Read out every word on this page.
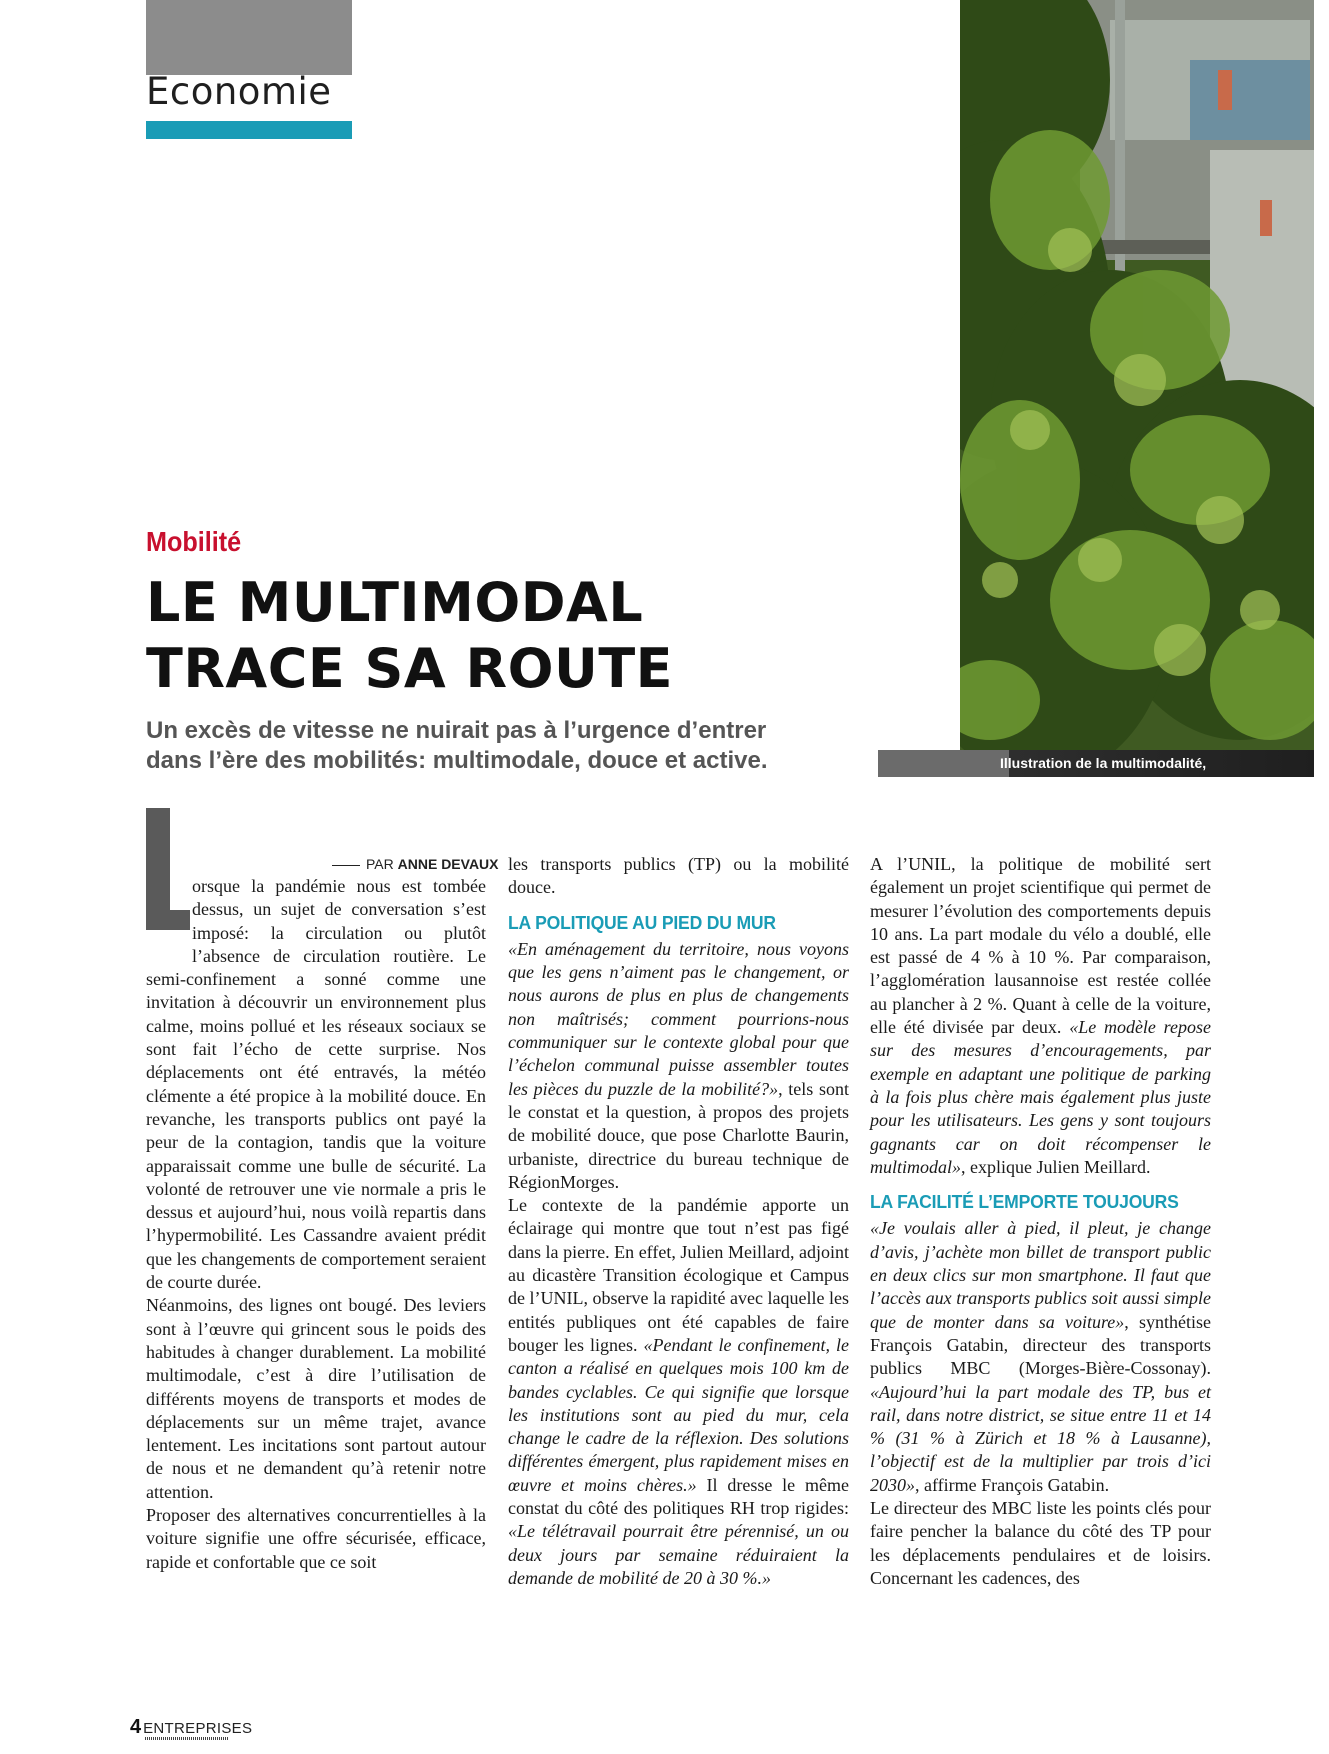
Economie
Illustration de la multimodalité,
Mobilité
LE MULTIMODAL
TRACE SA ROUTE
Un excès de vitesse ne nuirait pas à l’urgence d’entrer
dans l’ère des mobilités: multimodale, douce et active.
PAR ANNE DEVAUX

orsque la pandémie nous est tombée dessus, un sujet de conversation s’est imposé: la circulation ou plutôt l’absence de circulation routière. Le semi-confinement a sonné comme une invitation à découvrir un environnement plus calme, moins pollué et les réseaux sociaux se sont fait l’écho de cette surprise. Nos déplacements ont été entravés, la météo clémente a été propice à la mobilité douce. En revanche, les transports publics ont payé la peur de la contagion, tandis que la voiture apparaissait comme une bulle de sécurité. La volonté de retrouver une vie normale a pris le dessus et aujourd’hui, nous voilà repartis dans l’hypermobilité. Les Cassandre avaient prédit que les changements de comportement seraient de courte durée.

Néanmoins, des lignes ont bougé. Des leviers sont à l’œuvre qui grincent sous le poids des habitudes à changer durablement. La mobilité multimodale, c’est à dire l’utilisation de différents moyens de transports et modes de déplacements sur un même trajet, avance lentement. Les incitations sont partout autour de nous et ne demandent qu’à retenir notre attention.

Proposer des alternatives concurrentielles à la voiture signifie une offre sécurisée, efficace, rapide et confortable que ce soit

les transports publics (TP) ou la mobilité douce.

LA POLITIQUE AU PIED DU MUR

«En aménagement du territoire, nous voyons que les gens n’aiment pas le changement, or nous aurons de plus en plus de changements non maîtrisés; comment pourrions-nous communiquer sur le contexte global pour que l’échelon communal puisse assembler toutes les pièces du puzzle de la mobilité?», tels sont le constat et la question, à propos des projets de mobilité douce, que pose Charlotte Baurin, urbaniste, directrice du bureau technique de RégionMorges.

Le contexte de la pandémie apporte un éclairage qui montre que tout n’est pas figé dans la pierre. En effet, Julien Meillard, adjoint au dicastère Transition écologique et Campus de l’UNIL, observe la rapidité avec laquelle les entités publiques ont été capables de faire bouger les lignes. «Pendant le confinement, le canton a réalisé en quelques mois 100 km de bandes cyclables. Ce qui signifie que lorsque les institutions sont au pied du mur, cela change le cadre de la réflexion. Des solutions différentes émergent, plus rapidement mises en œuvre et moins chères.» Il dresse le même constat du côté des politiques RH trop rigides: «Le télétravail pourrait être pérennisé, un ou deux jours par semaine réduiraient la demande de mobilité de 20 à 30 %.»

A l’UNIL, la politique de mobilité sert également un projet scientifique qui permet de mesurer l’évolution des comportements depuis 10 ans. La part modale du vélo a doublé, elle est passé de 4 % à 10 %. Par comparaison, l’agglomération lausannoise est restée collée au plancher à 2 %. Quant à celle de la voiture, elle été divisée par deux. «Le modèle repose sur des mesures d’encouragements, par exemple en adaptant une politique de parking à la fois plus chère mais également plus juste pour les utilisateurs. Les gens y sont toujours gagnants car on doit récompenser le multimodal», explique Julien Meillard.

LA FACILITÉ L’EMPORTE TOUJOURS

«Je voulais aller à pied, il pleut, je change d’avis, j’achète mon billet de transport public en deux clics sur mon smartphone. Il faut que l’accès aux transports publics soit aussi simple que de monter dans sa voiture», synthétise François Gatabin, directeur des transports publics MBC (Morges-Bière-Cossonay). «Aujourd’hui la part modale des TP, bus et rail, dans notre district, se situe entre 11 et 14 % (31 % à Zürich et 18 % à Lausanne), l’objectif est de la multiplier par trois d’ici 2030», affirme François Gatabin.

Le directeur des MBC liste les points clés pour faire pencher la balance du côté des TP pour les déplacements pendulaires et de loisirs. Concernant les cadences, des

4 ENTREPRISES
